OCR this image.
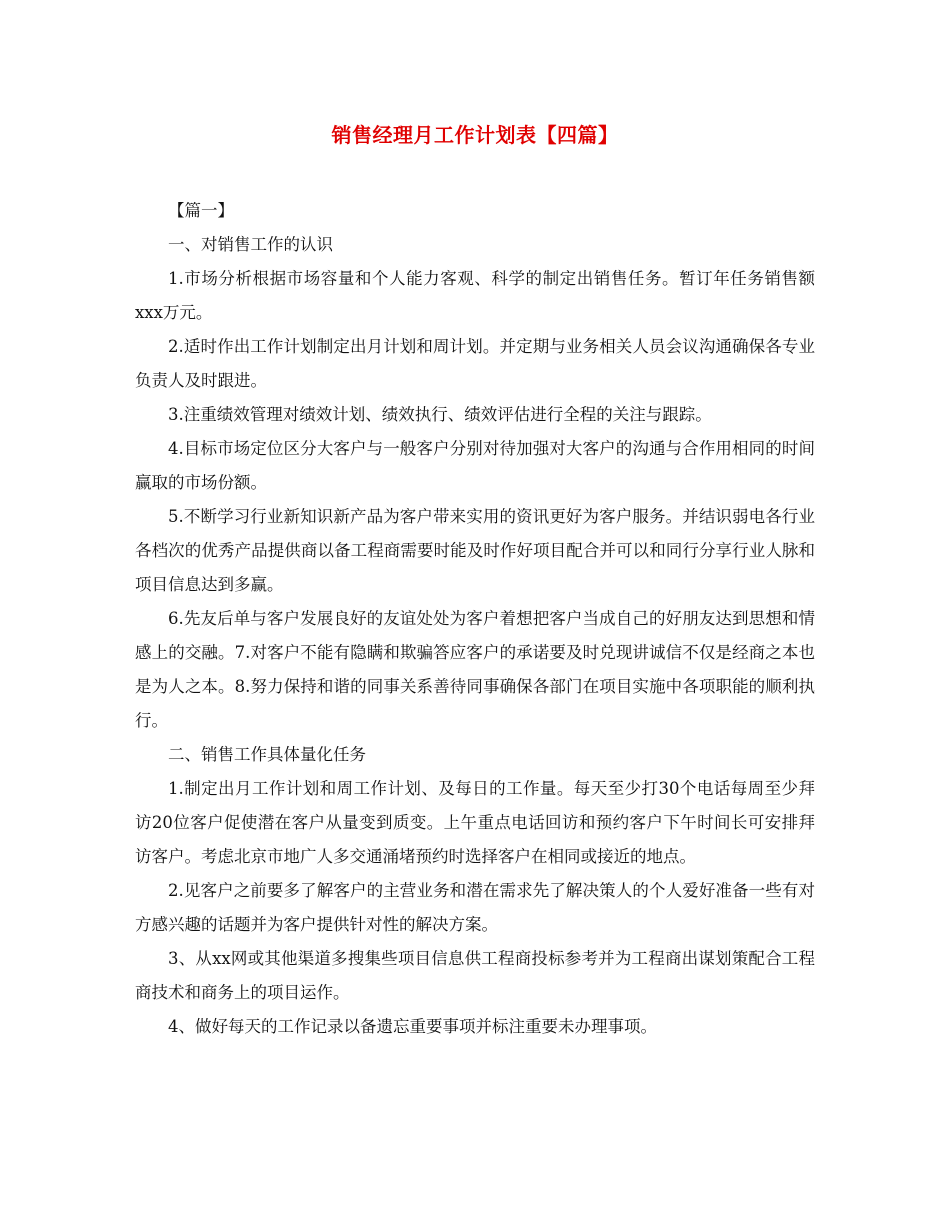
销售经理月工作计划表【四篇】

【篇一】

一、对销售工作的认识

1.市场分析根据市场容量和个人能力客观、科学的制定出销售任务。暂订年任务销售额xxx万元。

2.适时作出工作计划制定出月计划和周计划。并定期与业务相关人员会议沟通确保各专业负责人及时跟进。

3.注重绩效管理对绩效计划、绩效执行、绩效评估进行全程的关注与跟踪。

4.目标市场定位区分大客户与一般客户分别对待加强对大客户的沟通与合作用相同的时间赢取的市场份额。

5.不断学习行业新知识新产品为客户带来实用的资讯更好为客户服务。并结识弱电各行业各档次的优秀产品提供商以备工程商需要时能及时作好项目配合并可以和同行分享行业人脉和项目信息达到多赢。

6.先友后单与客户发展良好的友谊处处为客户着想把客户当成自己的好朋友达到思想和情感上的交融。7.对客户不能有隐瞒和欺骗答应客户的承诺要及时兑现讲诚信不仅是经商之本也是为人之本。8.努力保持和谐的同事关系善待同事确保各部门在项目实施中各项职能的顺利执行。

二、销售工作具体量化任务

1.制定出月工作计划和周工作计划、及每日的工作量。每天至少打30个电话每周至少拜访20位客户促使潜在客户从量变到质变。上午重点电话回访和预约客户下午时间长可安排拜访客户。考虑北京市地广人多交通涌堵预约时选择客户在相同或接近的地点。

2.见客户之前要多了解客户的主营业务和潜在需求先了解决策人的个人爱好准备一些有对方感兴趣的话题并为客户提供针对性的解决方案。

3、从xx网或其他渠道多搜集些项目信息供工程商投标参考并为工程商出谋划策配合工程商技术和商务上的项目运作。

4、做好每天的工作记录以备遗忘重要事项并标注重要未办理事项。
